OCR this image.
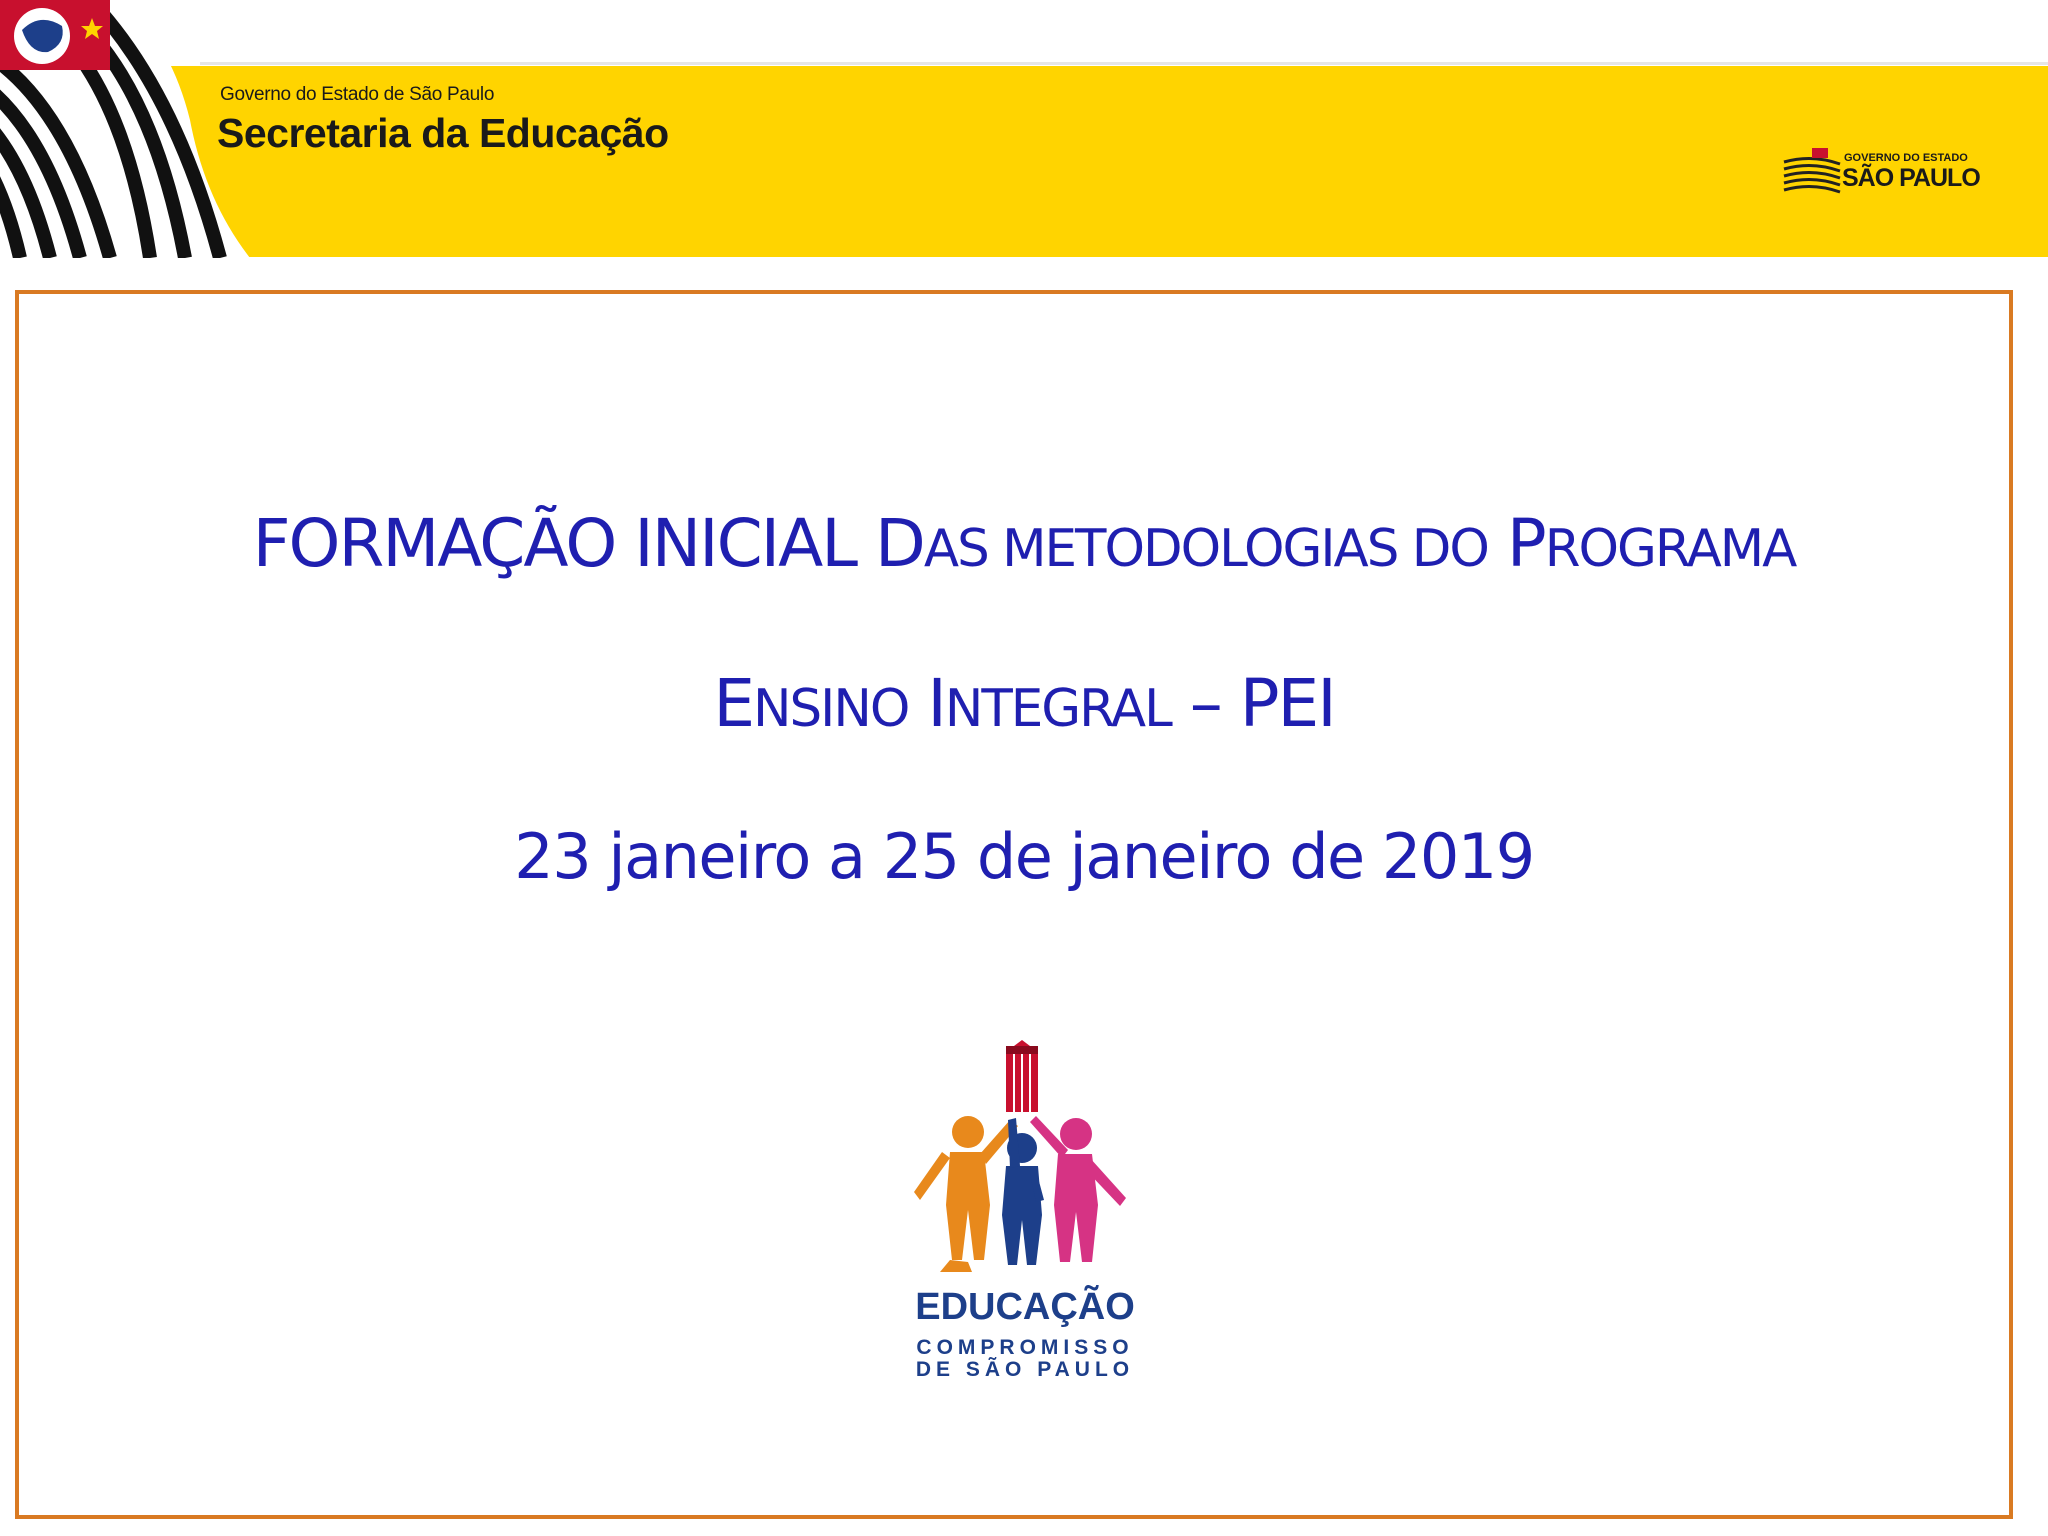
Governo do Estado de São Paulo
Secretaria da Educação
GOVERNO DO ESTADO
SÃO PAULO
FORMAÇÃO INICIAL DAS METODOLOGIAS DO PROGRAMA
ENSINO INTEGRAL – PEI
23 janeiro a 25 de janeiro de 2019
EDUCAÇÃO
COMPROMISSO
DE SÃO PAULO
